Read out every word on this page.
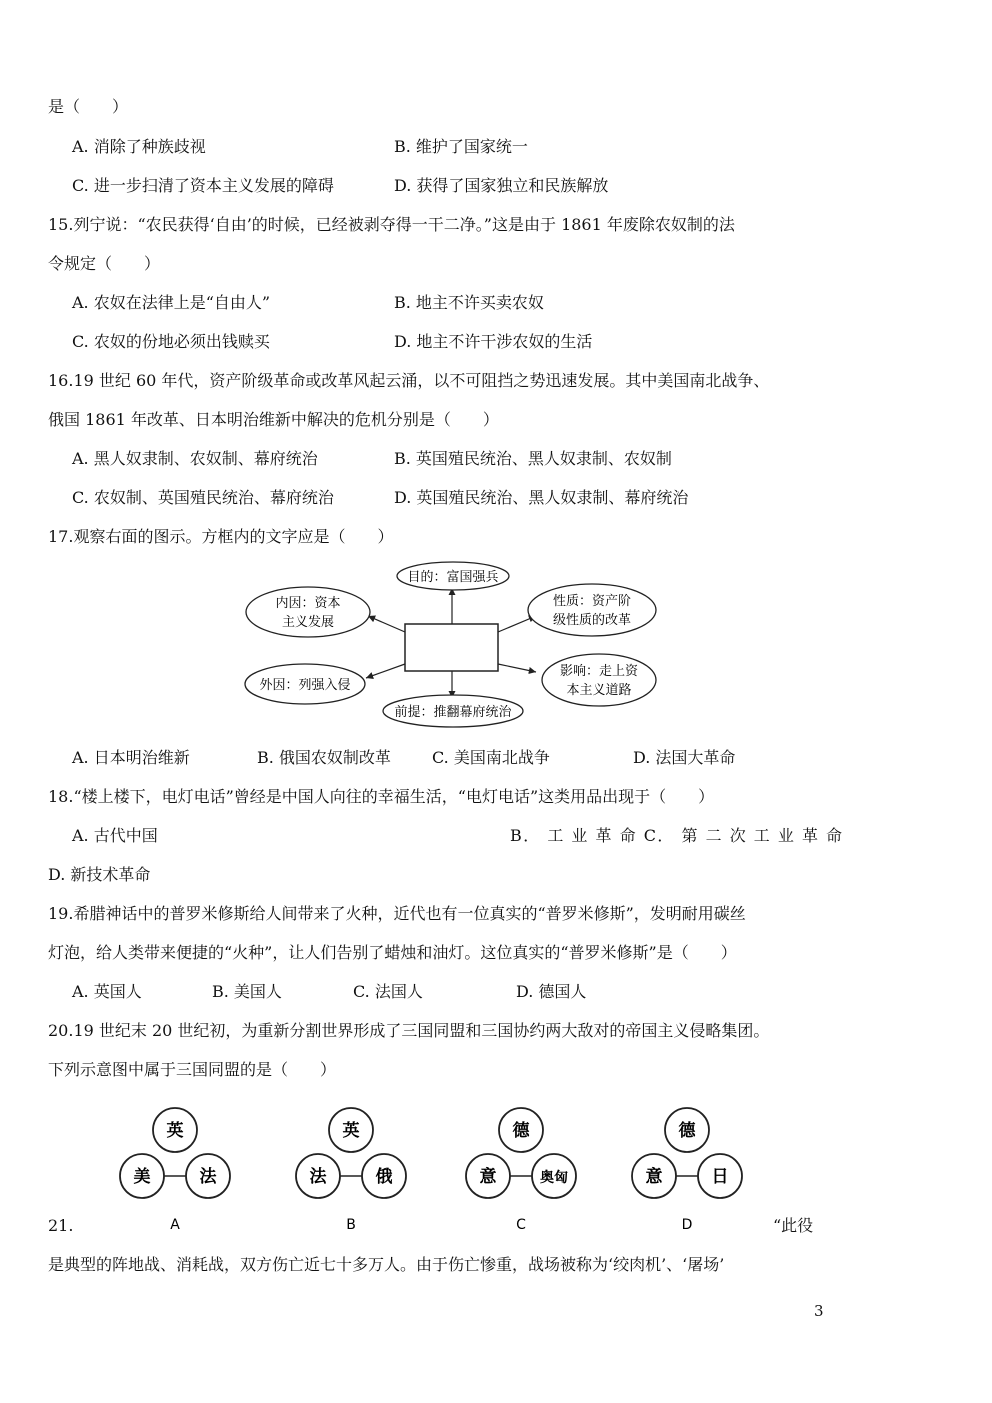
是（　　）
A. 消除了种族歧视	B. 维护了国家统一
C. 进一步扫清了资本主义发展的障碍	D. 获得了国家独立和民族解放
15.列宁说：“农民获得‘自由’的时候，已经被剥夺得一干二净。”这是由于 1861 年废除农奴制的法
令规定（　　）
A. 农奴在法律上是“自由人”	B. 地主不许买卖农奴
C. 农奴的份地必须出钱赎买	D. 地主不许干涉农奴的生活
16.19 世纪 60 年代，资产阶级革命或改革风起云涌，以不可阻挡之势迅速发展。其中美国南北战争、
俄国 1861 年改革、日本明治维新中解决的危机分别是（　　）
A. 黑人奴隶制、农奴制、幕府统治	B. 英国殖民统治、黑人奴隶制、农奴制
C. 农奴制、英国殖民统治、幕府统治	D. 英国殖民统治、黑人奴隶制、幕府统治
17.观察右面的图示。方框内的文字应是（　　）
目的：富国强兵
内因：资本
主义发展
外因：列强入侵
性质：资产阶
级性质的改革
影响：走上资
本主义道路
前提：推翻幕府统治
A. 日本明治维新	B. 俄国农奴制改革	C. 美国南北战争	D. 法国大革命
18.“楼上楼下，电灯电话”曾经是中国人向往的幸福生活，“电灯电话”这类用品出现于（　　）
A. 古代中国	B． 工 业 革 命 C． 第 二 次 工 业 革 命
D. 新技术革命
19.希腊神话中的普罗米修斯给人间带来了火种，近代也有一位真实的“普罗米修斯”，发明耐用碳丝
灯泡，给人类带来便捷的“火种”，让人们告别了蜡烛和油灯。这位真实的“普罗米修斯”是（　　）
A. 英国人	B. 美国人	C. 法国人	D. 德国人
20.19 世纪末 20 世纪初，为重新分割世界形成了三国同盟和三国协约两大敌对的帝国主义侵略集团。
下列示意图中属于三国同盟的是（　　）
英
美	法
A
英
法	俄
B
德
意	奥匈
C
德
意	日
D
21.	“此役
是典型的阵地战、消耗战，双方伤亡近七十多万人。由于伤亡惨重，战场被称为‘绞肉机’、‘屠场’
3
